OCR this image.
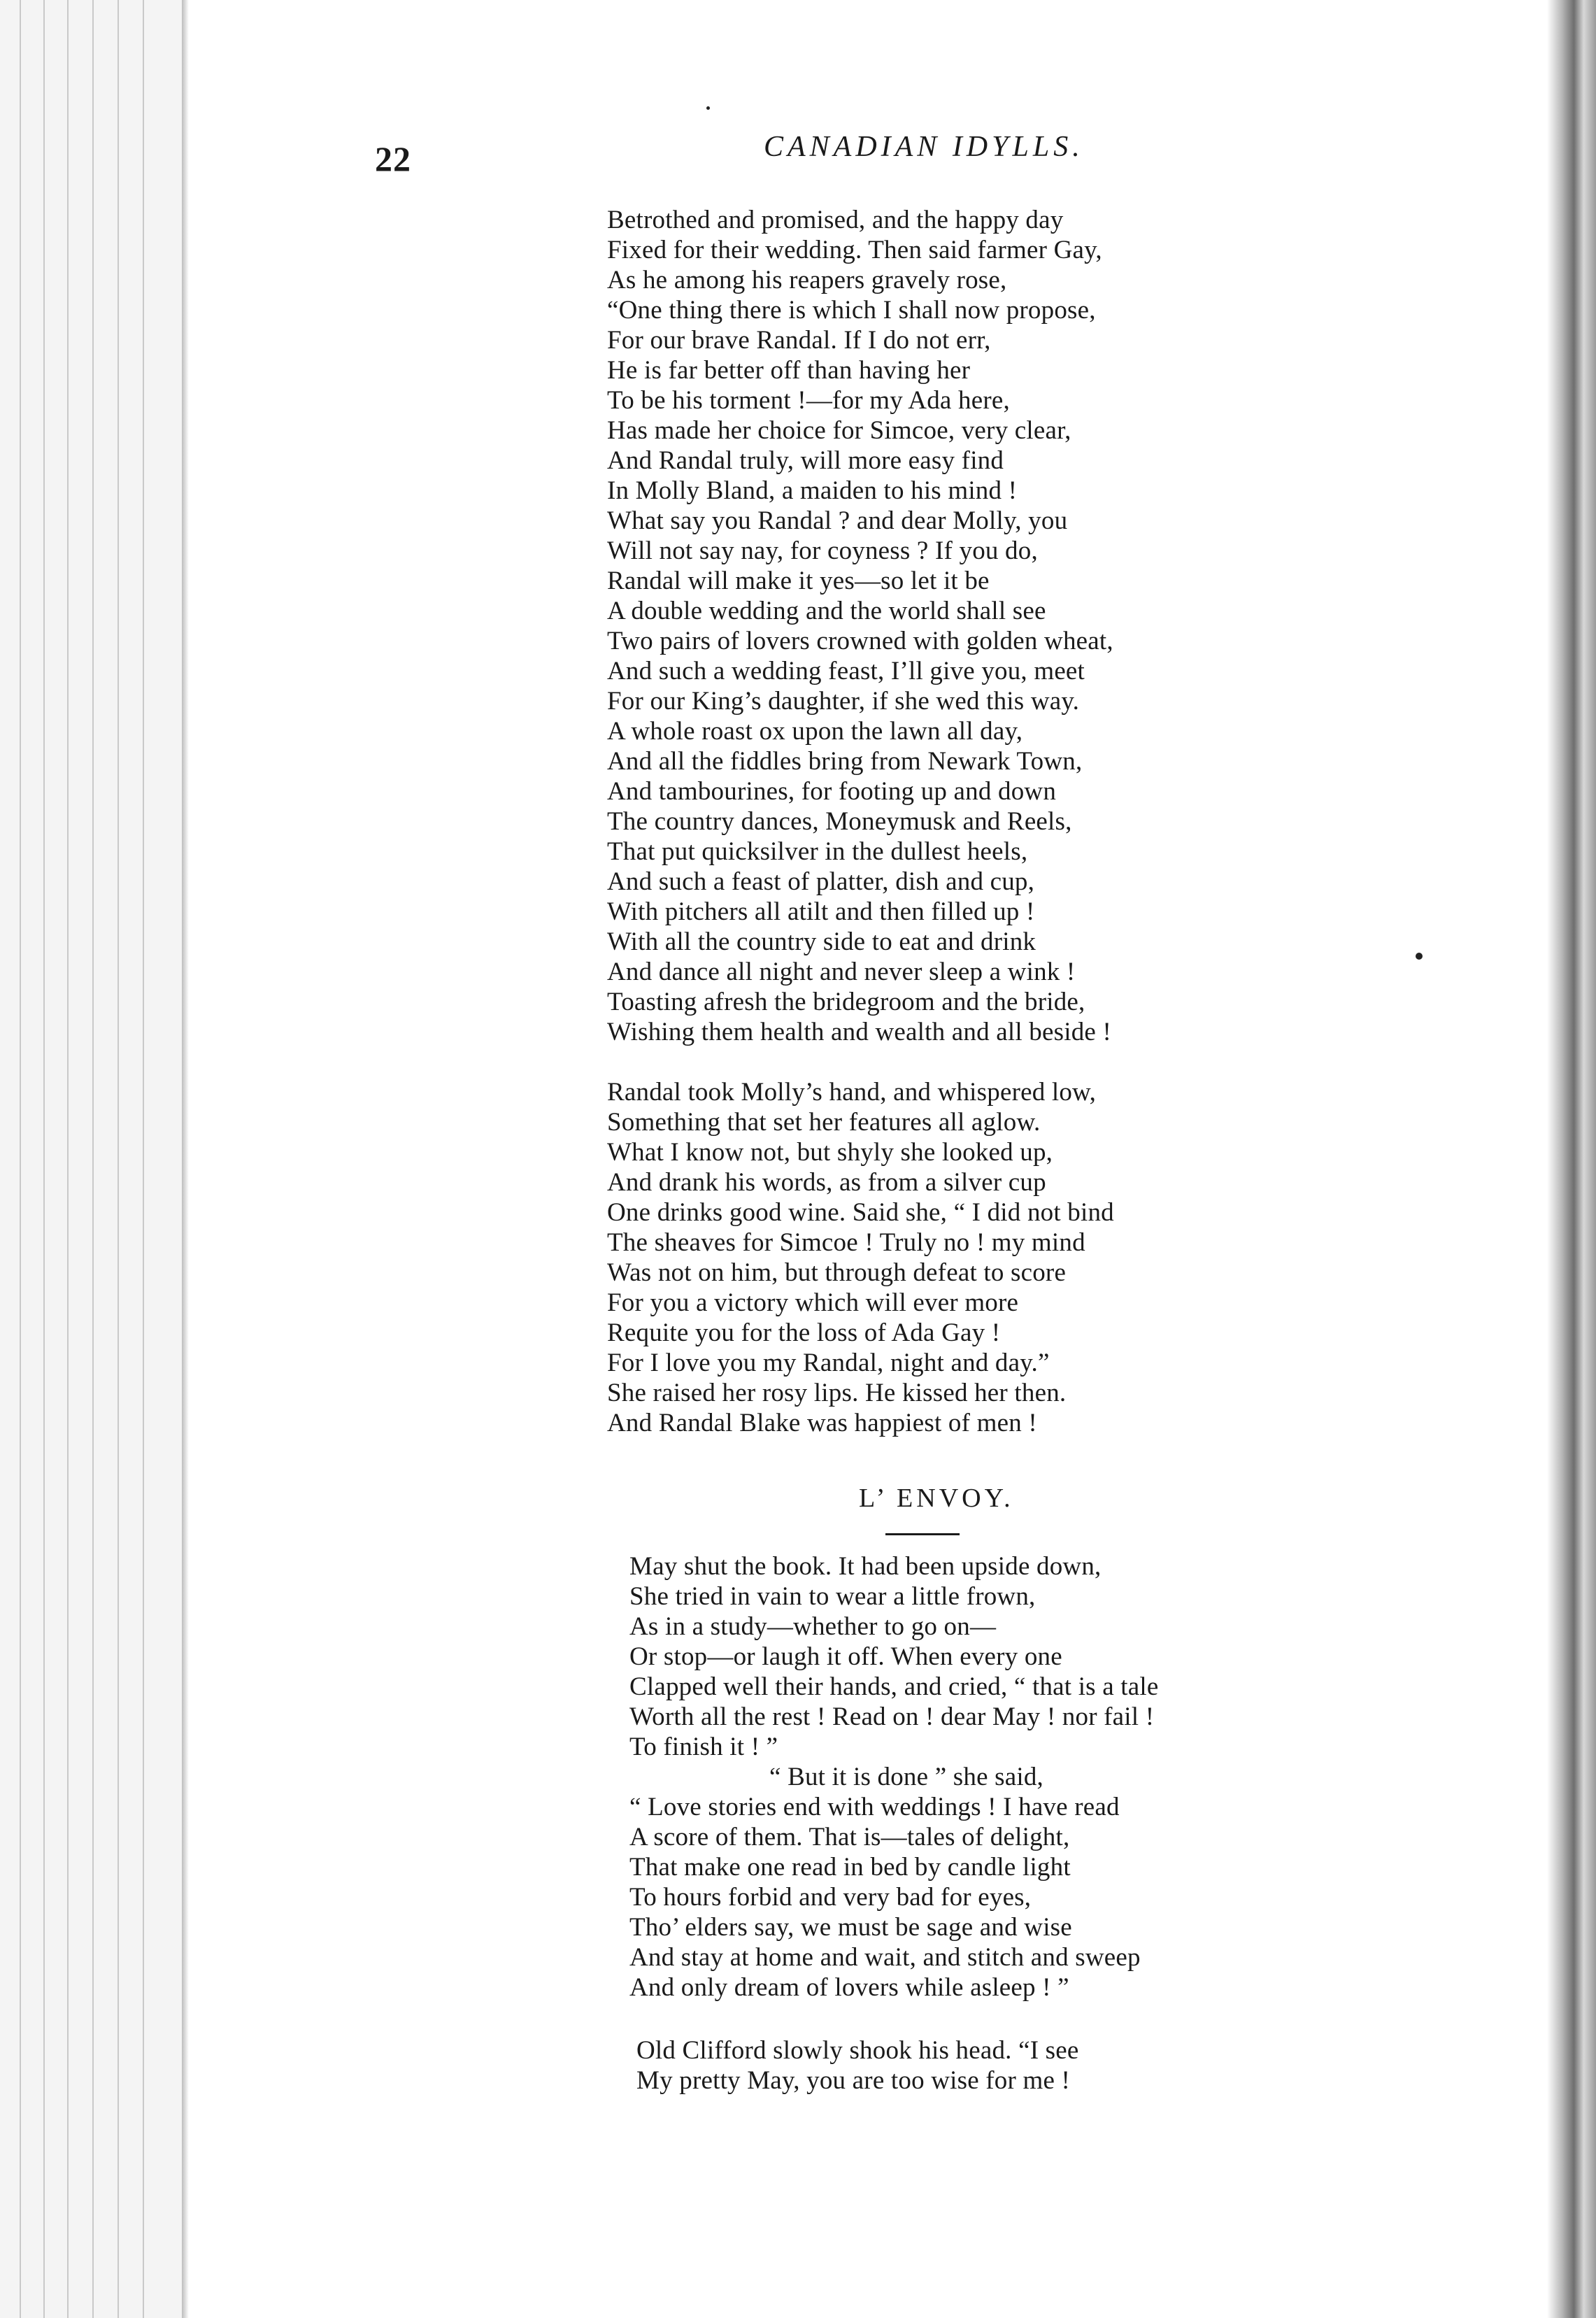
22	CANADIAN IDYLLS.
Betrothed and promised, and the happy day
Fixed for their wedding. Then said farmer Gay,
As he among his reapers gravely rose,
“One thing there is which I shall now propose,
For our brave Randal. If I do not err,
He is far better off than having her
To be his torment !—for my Ada here,
Has made her choice for Simcoe, very clear,
And Randal truly, will more easy find
In Molly Bland, a maiden to his mind !
What say you Randal ? and dear Molly, you
Will not say nay, for coyness ? If you do,
Randal will make it yes—so let it be
A double wedding and the world shall see
Two pairs of lovers crowned with golden wheat,
And such a wedding feast, I’ll give you, meet
For our King’s daughter, if she wed this way.
A whole roast ox upon the lawn all day,
And all the fiddles bring from Newark Town,
And tambourines, for footing up and down
The country dances, Moneymusk and Reels,
That put quicksilver in the dullest heels,
And such a feast of platter, dish and cup,
With pitchers all atilt and then filled up !
With all the country side to eat and drink
And dance all night and never sleep a wink !
Toasting afresh the bridegroom and the bride,
Wishing them health and wealth and all beside !
Randal took Molly’s hand, and whispered low,
Something that set her features all aglow.
What I know not, but shyly she looked up,
And drank his words, as from a silver cup
One drinks good wine. Said she, “ I did not bind
The sheaves for Simcoe ! Truly no ! my mind
Was not on him, but through defeat to score
For you a victory which will ever more
Requite you for the loss of Ada Gay !
For I love you my Randal, night and day.”
She raised her rosy lips. He kissed her then.
And Randal Blake was happiest of men !
L’ ENVOY.
May shut the book. It had been upside down,
She tried in vain to wear a little frown,
As in a study—whether to go on—
Or stop—or laugh it off. When every one
Clapped well their hands, and cried, “ that is a tale
Worth all the rest ! Read on ! dear May ! nor fail !
To finish it ! ”
“ But it is done ” she said,
“ Love stories end with weddings ! I have read
A score of them. That is—tales of delight,
That make one read in bed by candle light
To hours forbid and very bad for eyes,
Tho’ elders say, we must be sage and wise
And stay at home and wait, and stitch and sweep
And only dream of lovers while asleep ! ”
Old Clifford slowly shook his head. “I see
My pretty May, you are too wise for me !
